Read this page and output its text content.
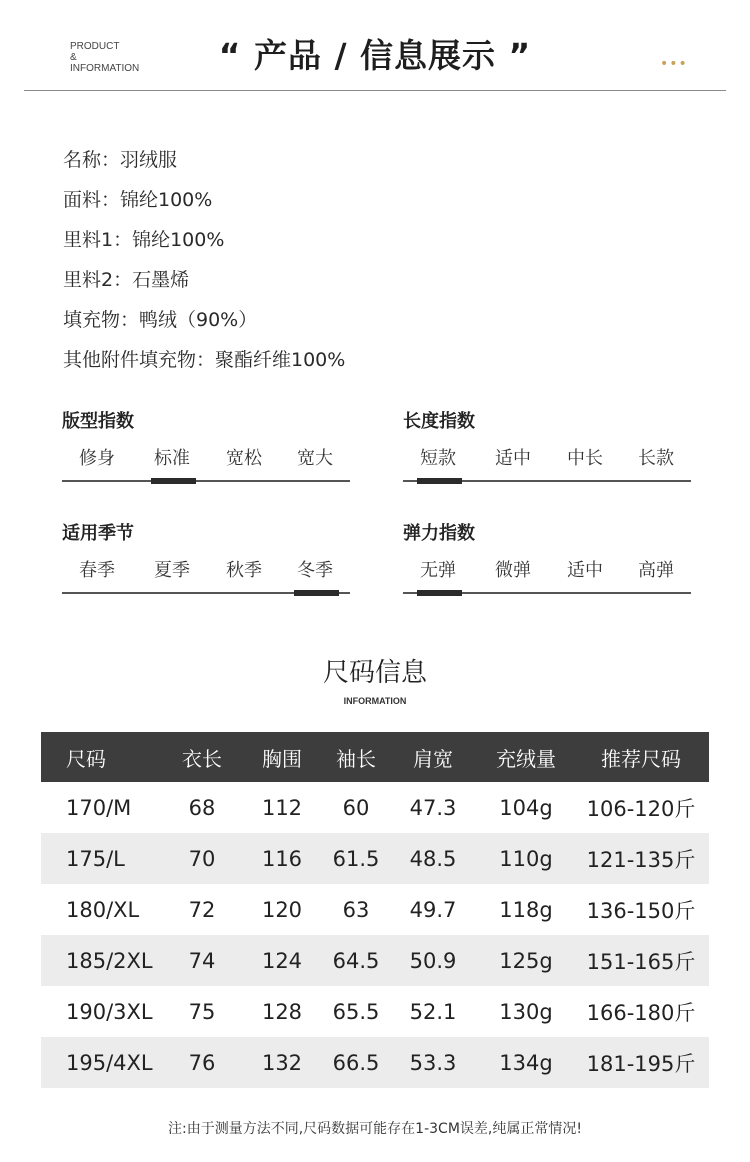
PRODUCT
&
INFORMATION	“ 产品 / 信息展示 ”	•••
名称：羽绒服
面料：锦纶100%
里料1：锦纶100%
里料2：石墨烯
填充物：鸭绒（90%）
其他附件填充物：聚酯纤维100%
版型指数
修身 标准 宽松 宽大
长度指数
短款 适中 中长 长款
适用季节
春季 夏季 秋季 冬季
弹力指数
无弹 微弹 适中 高弹
尺码信息
INFORMATION
尺码	衣长	胸围	袖长	肩宽	充绒量	推荐尺码
170/M	68	112	60	47.3	104g	106-120斤
175/L	70	116	61.5	48.5	110g	121-135斤
180/XL	72	120	63	49.7	118g	136-150斤
185/2XL	74	124	64.5	50.9	125g	151-165斤
190/3XL	75	128	65.5	52.1	130g	166-180斤
195/4XL	76	132	66.5	53.3	134g	181-195斤
注:由于测量方法不同,尺码数据可能存在1-3CM误差,纯属正常情况!
